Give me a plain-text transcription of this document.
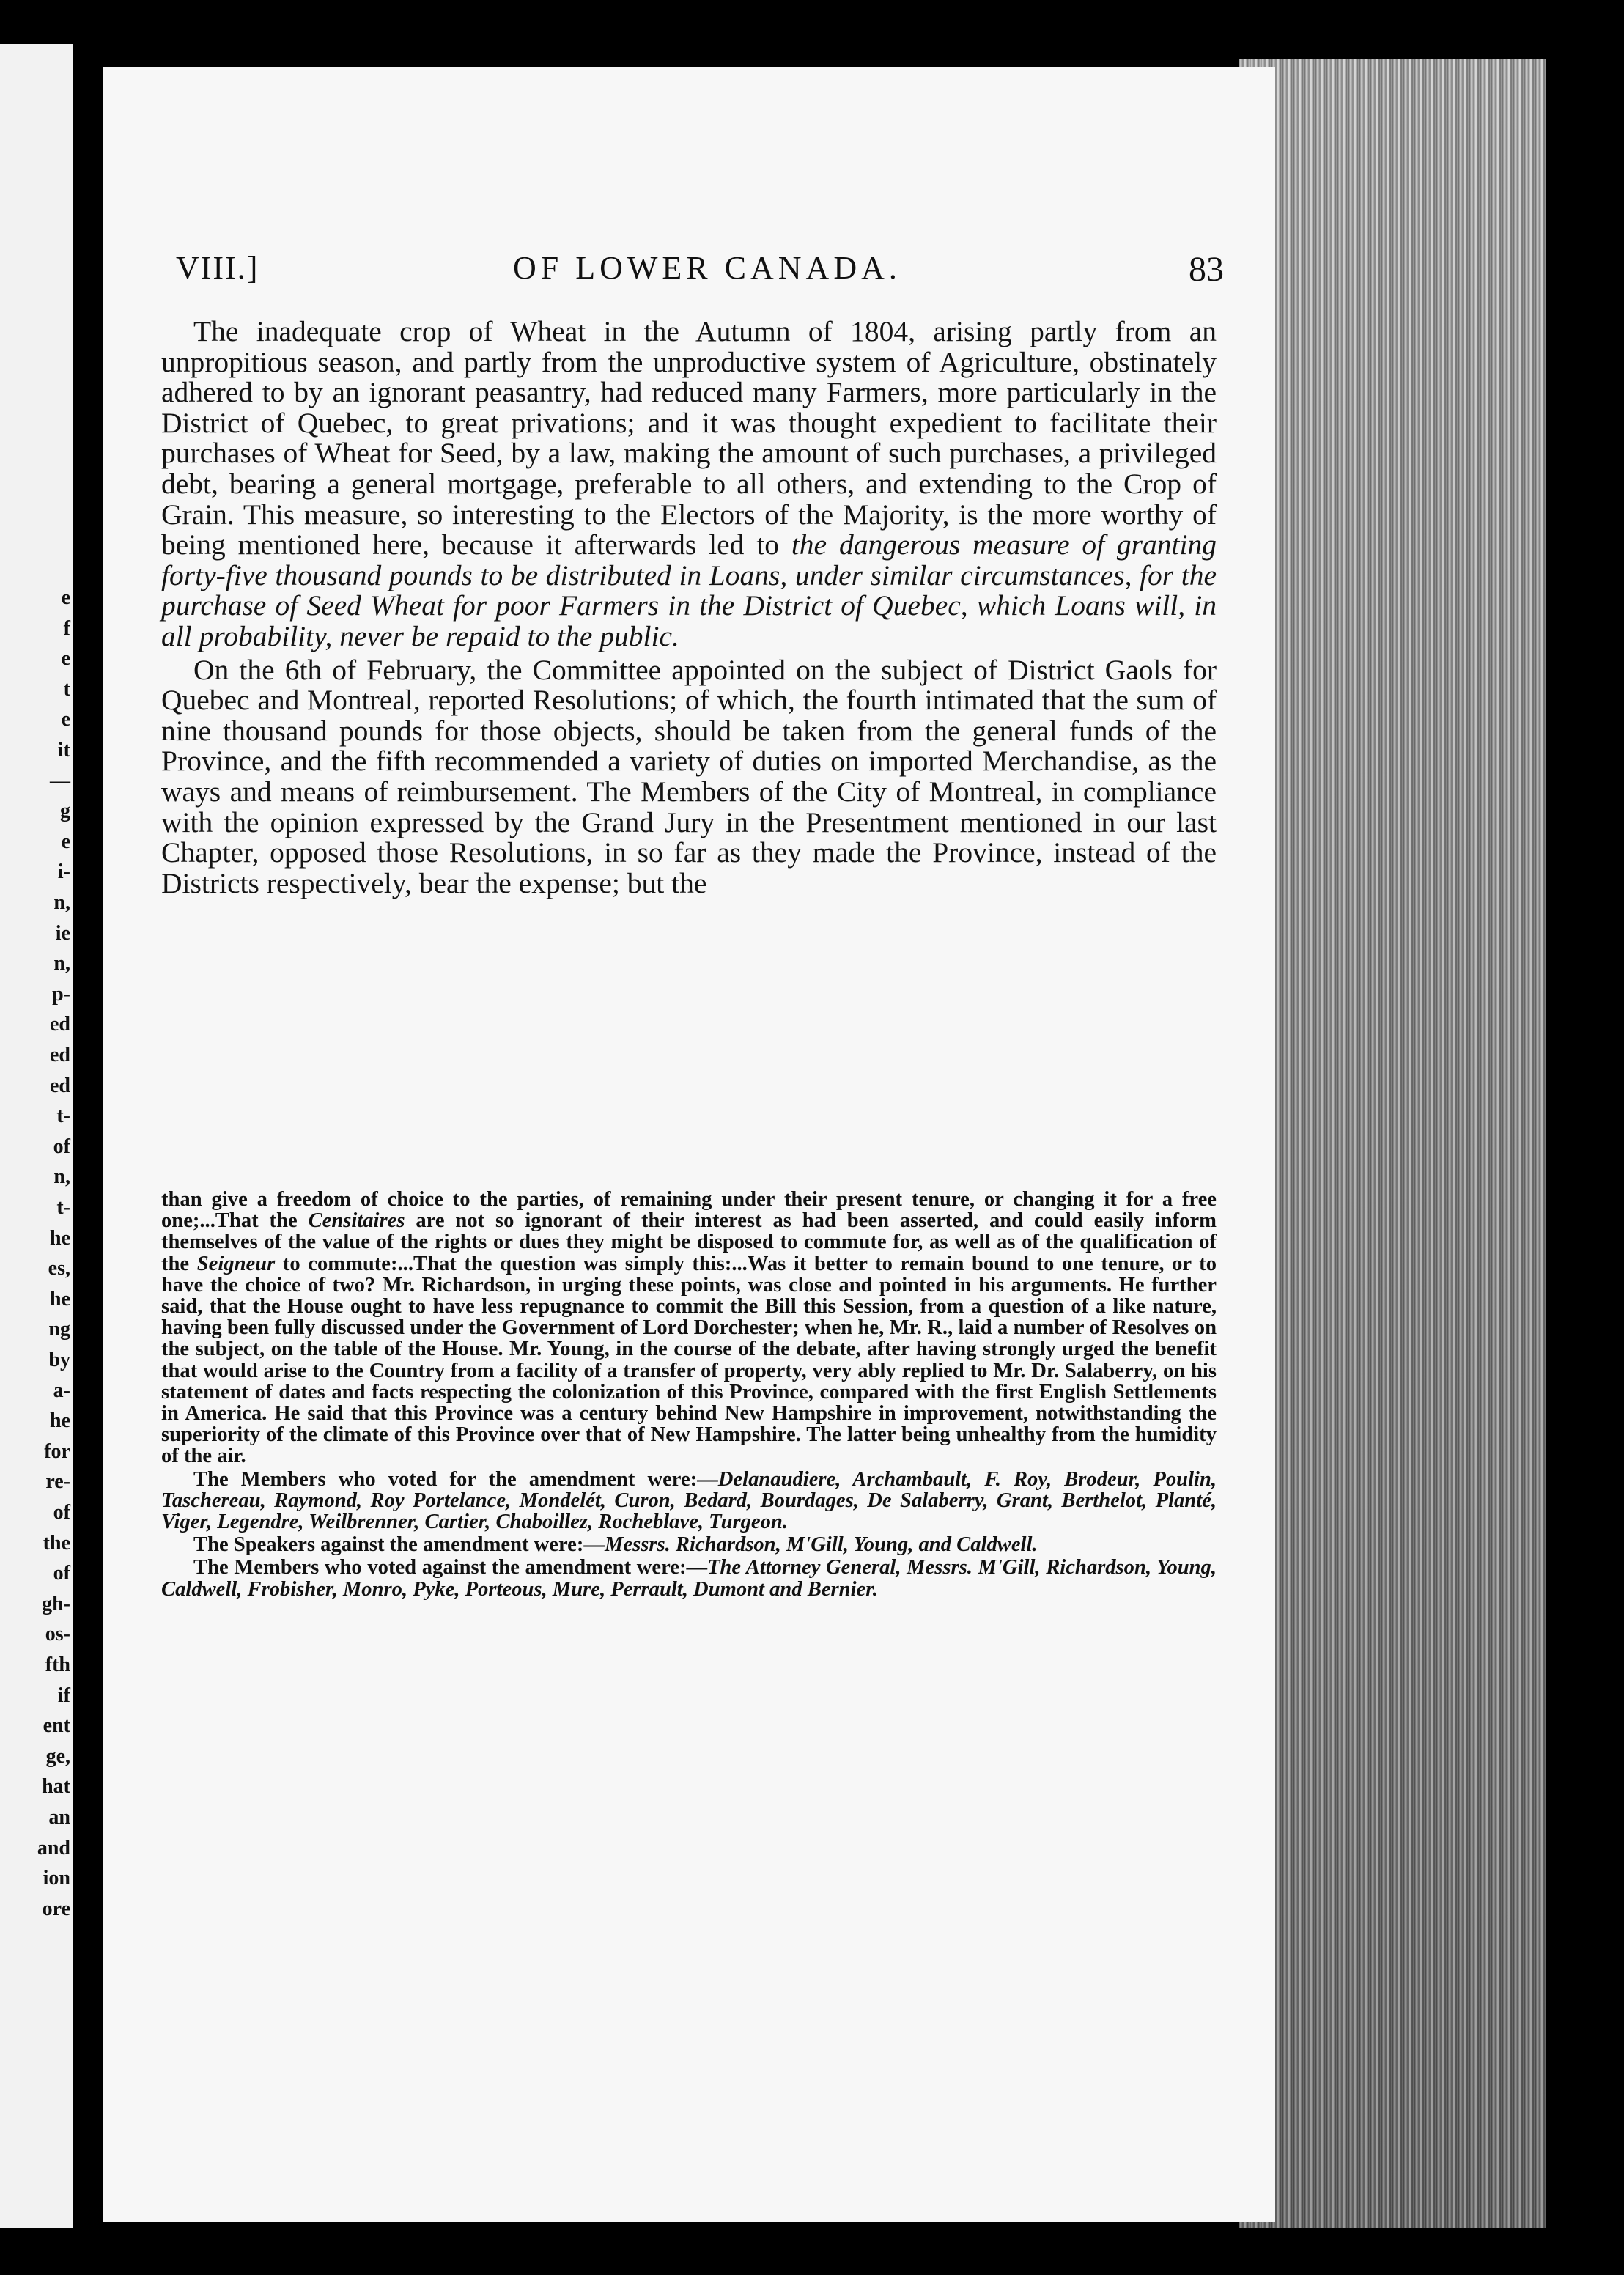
e
f
e
t
e
it
—
g
e
i-
n,
ie
n,
p-
ed
ed
ed
t-
of
n,
t-
he
es,
he
ng
by
a-
he
for
re-
of
the
of
gh-
os-
fth
if
ent
ge,
hat
an
and
ion
ore
VIII.]	OF LOWER CANADA.	83

The inadequate crop of Wheat in the Autumn of 1804, arising partly from an unpropitious season, and partly from the unproductive system of Agriculture, obstinately adhered to by an ignorant peasantry, had reduced many Farmers, more particularly in the District of Quebec, to great privations; and it was thought expedient to facilitate their purchases of Wheat for Seed, by a law, making the amount of such purchases, a privileged debt, bearing a general mortgage, preferable to all others, and extending to the Crop of Grain. This measure, so interesting to the Electors of the Majority, is the more worthy of being mentioned here, because it afterwards led to the dangerous measure of granting forty-five thousand pounds to be distributed in Loans, under similar circumstances, for the purchase of Seed Wheat for poor Farmers in the District of Quebec, which Loans will, in all probability, never be repaid to the public.

On the 6th of February, the Committee appointed on the subject of District Gaols for Quebec and Montreal, reported Resolutions; of which, the fourth intimated that the sum of nine thousand pounds for those objects, should be taken from the general funds of the Province, and the fifth recommended a variety of duties on imported Merchandise, as the ways and means of reimbursement. The Members of the City of Montreal, in compliance with the opinion expressed by the Grand Jury in the Presentment mentioned in our last Chapter, opposed those Resolutions, in so far as they made the Province, instead of the Districts respectively, bear the expense; but the

than give a freedom of choice to the parties, of remaining under their present tenure, or changing it for a free one;...That the Censitaires are not so ignorant of their interest as had been asserted, and could easily inform themselves of the value of the rights or dues they might be disposed to commute for, as well as of the qualification of the Seigneur to commute:...That the question was simply this:...Was it better to remain bound to one tenure, or to have the choice of two? Mr. Richardson, in urging these points, was close and pointed in his arguments. He further said, that the House ought to have less repugnance to commit the Bill this Session, from a question of a like nature, having been fully discussed under the Government of Lord Dorchester; when he, Mr. R., laid a number of Resolves on the subject, on the table of the House. Mr. Young, in the course of the debate, after having strongly urged the benefit that would arise to the Country from a facility of a transfer of property, very ably replied to Mr. Dr. Salaberry, on his statement of dates and facts respecting the colonization of this Province, compared with the first English Settlements in America. He said that this Province was a century behind New Hampshire in improvement, notwithstanding the superiority of the climate of this Province over that of New Hampshire. The latter being unhealthy from the humidity of the air.

The Members who voted for the amendment were:—Delanaudiere, Archambault, F. Roy, Brodeur, Poulin, Taschereau, Raymond, Roy Portelance, Mondelét, Curon, Bedard, Bourdages, De Salaberry, Grant, Berthelot, Planté, Viger, Legendre, Weilbrenner, Cartier, Chaboillez, Rocheblave, Turgeon.

The Speakers against the amendment were:—Messrs. Richardson, M'Gill, Young, and Caldwell.

The Members who voted against the amendment were:—The Attorney General, Messrs. M'Gill, Richardson, Young, Caldwell, Frobisher, Monro, Pyke, Porteous, Mure, Perrault, Dumont and Bernier.
